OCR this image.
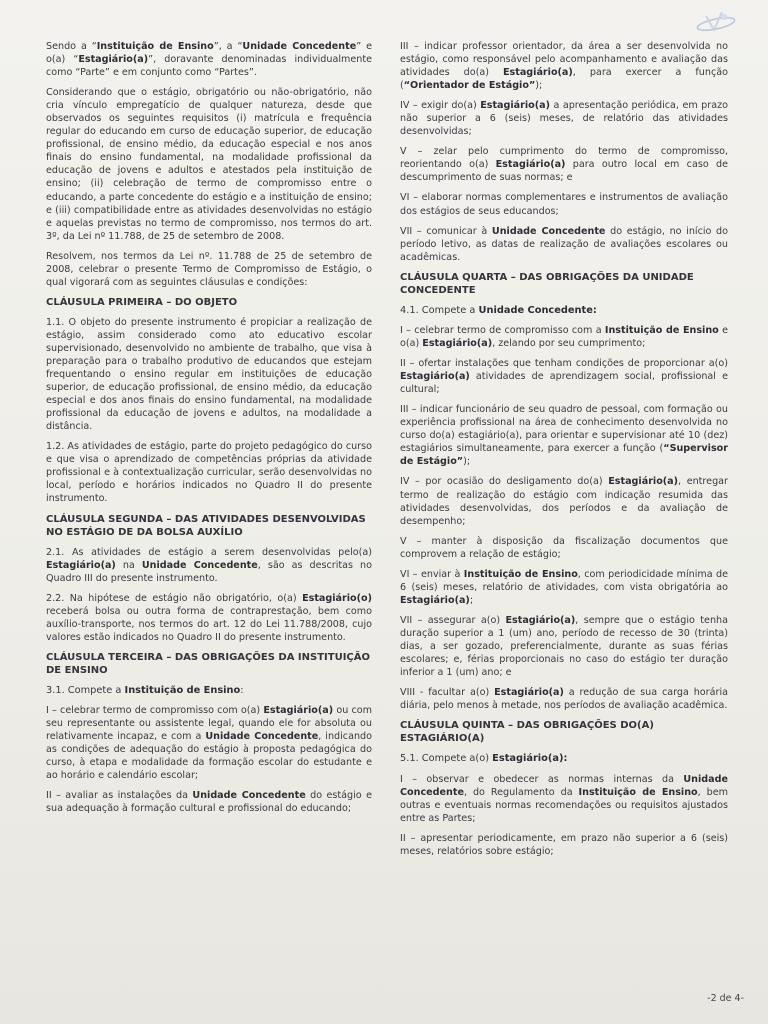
Sendo a “Instituição de Ensino”, a “Unidade Concedente” e o(a) “Estagiário(a)”, doravante denominadas individualmente como “Parte” e em conjunto como “Partes”.

Considerando que o estágio, obrigatório ou não-obrigatório, não cria vínculo empregatício de qualquer natureza, desde que observados os seguintes requisitos (i) matrícula e frequência regular do educando em curso de educação superior, de educação profissional, de ensino médio, da educação especial e nos anos finais do ensino fundamental, na modalidade profissional da educação de jovens e adultos e atestados pela instituição de ensino; (ii) celebração de termo de compromisso entre o educando, a parte concedente do estágio e a instituição de ensino; e (iii) compatibilidade entre as atividades desenvolvidas no estágio e aquelas previstas no termo de compromisso, nos termos do art. 3º, da Lei nº 11.788, de 25 de setembro de 2008.

Resolvem, nos termos da Lei nº. 11.788 de 25 de setembro de 2008, celebrar o presente Termo de Compromisso de Estágio, o qual vigorará com as seguintes cláusulas e condições:

CLÁUSULA PRIMEIRA – DO OBJETO

1.1. O objeto do presente instrumento é propiciar a realização de estágio, assim considerado como ato educativo escolar supervisionado, desenvolvido no ambiente de trabalho, que visa à preparação para o trabalho produtivo de educandos que estejam frequentando o ensino regular em instituições de educação superior, de educação profissional, de ensino médio, da educação especial e dos anos finais do ensino fundamental, na modalidade profissional da educação de jovens e adultos, na modalidade a distância.

1.2. As atividades de estágio, parte do projeto pedagógico do curso e que visa o aprendizado de competências próprias da atividade profissional e à contextualização curricular, serão desenvolvidas no local, período e horários indicados no Quadro II do presente instrumento.

CLÁUSULA SEGUNDA – DAS ATIVIDADES DESENVOLVIDAS NO ESTÁGIO DE DA BOLSA AUXÍLIO

2.1. As atividades de estágio a serem desenvolvidas pelo(a) Estagiário(a) na Unidade Concedente, são as descritas no Quadro III do presente instrumento.

2.2. Na hipótese de estágio não obrigatório, o(a) Estagiário(o) receberá bolsa ou outra forma de contraprestação, bem como auxílio-transporte, nos termos do art. 12 do Lei 11.788/2008, cujo valores estão indicados no Quadro II do presente instrumento.

CLÁUSULA TERCEIRA – DAS OBRIGAÇÕES DA INSTITUIÇÃO DE ENSINO

3.1. Compete a Instituição de Ensino:

I – celebrar termo de compromisso com o(a) Estagiário(a) ou com seu representante ou assistente legal, quando ele for absoluta ou relativamente incapaz, e com a Unidade Concedente, indicando as condições de adequação do estágio à proposta pedagógica do curso, à etapa e modalidade da formação escolar do estudante e ao horário e calendário escolar;

II – avaliar as instalações da Unidade Concedente do estágio e sua adequação à formação cultural e profissional do educando;

III – indicar professor orientador, da área a ser desenvolvida no estágio, como responsável pelo acompanhamento e avaliação das atividades do(a) Estagiário(a), para exercer a função (“Orientador de Estágio”);

IV – exigir do(a) Estagiário(a) a apresentação periódica, em prazo não superior a 6 (seis) meses, de relatório das atividades desenvolvidas;

V – zelar pelo cumprimento do termo de compromisso, reorientando o(a) Estagiário(a) para outro local em caso de descumprimento de suas normas; e

VI – elaborar normas complementares e instrumentos de avaliação dos estágios de seus educandos;

VII – comunicar à Unidade Concedente do estágio, no início do período letivo, as datas de realização de avaliações escolares ou acadêmicas.

CLÁUSULA QUARTA – DAS OBRIGAÇÕES DA UNIDADE CONCEDENTE

4.1. Compete a Unidade Concedente:

I – celebrar termo de compromisso com a Instituição de Ensino e o(a) Estagiário(a), zelando por seu cumprimento;

II – ofertar instalações que tenham condições de proporcionar a(o) Estagiário(a) atividades de aprendizagem social, profissional e cultural;

III – indicar funcionário de seu quadro de pessoal, com formação ou experiência profissional na área de conhecimento desenvolvida no curso do(a) estagiário(a), para orientar e supervisionar até 10 (dez) estagiários simultaneamente, para exercer a função (“Supervisor de Estágio”);

IV – por ocasião do desligamento do(a) Estagiário(a), entregar termo de realização do estágio com indicação resumida das atividades desenvolvidas, dos períodos e da avaliação de desempenho;

V – manter à disposição da fiscalização documentos que comprovem a relação de estágio;

VI – enviar à Instituição de Ensino, com periodicidade mínima de 6 (seis) meses, relatório de atividades, com vista obrigatória ao Estagiário(a);

VII – assegurar a(o) Estagiário(a), sempre que o estágio tenha duração superior a 1 (um) ano, período de recesso de 30 (trinta) dias, a ser gozado, preferencialmente, durante as suas férias escolares; e, férias proporcionais no caso do estágio ter duração inferior a 1 (um) ano; e

VIII - facultar a(o) Estagiário(a) a redução de sua carga horária diária, pelo menos à metade, nos períodos de avaliação acadêmica.

CLÁUSULA QUINTA – DAS OBRIGAÇÕES DO(A) ESTAGIÁRIO(A)

5.1. Compete a(o) Estagiário(a):

I – observar e obedecer as normas internas da Unidade Concedente, do Regulamento da Instituição de Ensino, bem outras e eventuais normas recomendações ou requisitos ajustados entre as Partes;

II – apresentar periodicamente, em prazo não superior a 6 (seis) meses, relatórios sobre estágio;

-2 de 4-
